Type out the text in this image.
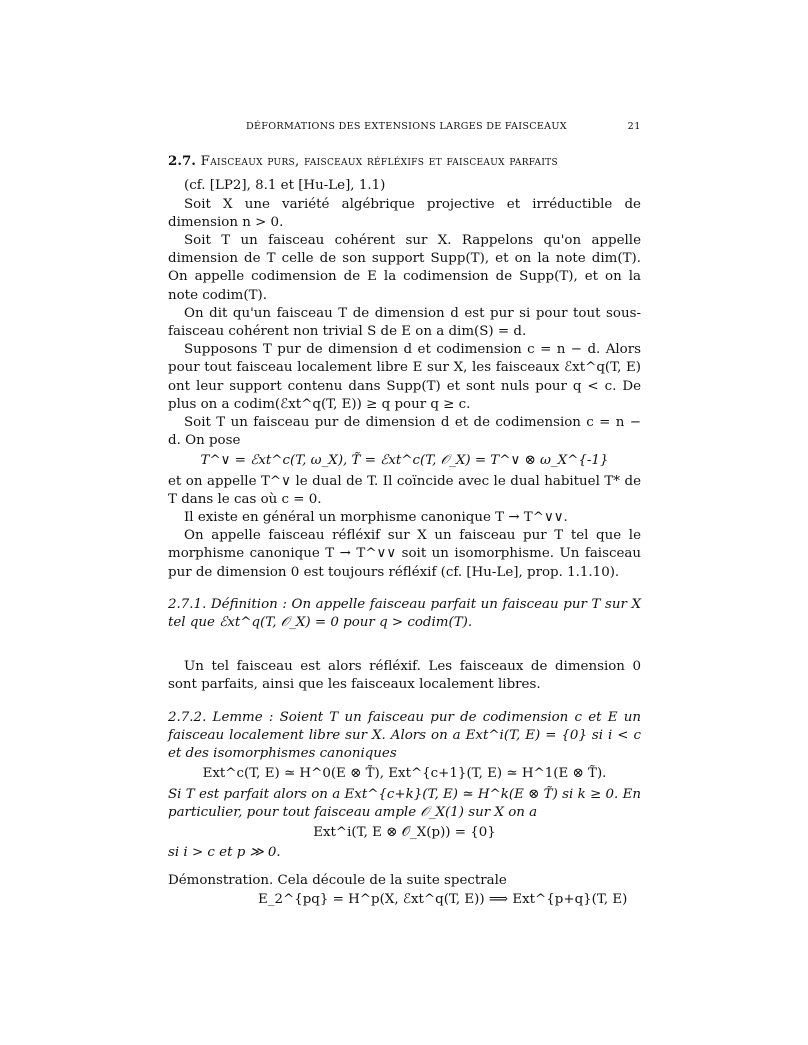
DÉFORMATIONS DES EXTENSIONS LARGES DE FAISCEAUX	21
2.7. Faisceaux purs, faisceaux réfléxifs et faisceaux parfaits

(cf. [LP2], 8.1 et [Hu-Le], 1.1)

Soit X une variété algébrique projective et irréductible de dimension n > 0.

Soit T un faisceau cohérent sur X. Rappelons qu'on appelle dimension de T celle de son support Supp(T), et on la note dim(T). On appelle codimension de E la codimension de Supp(T), et on la note codim(T).

On dit qu'un faisceau T de dimension d est pur si pour tout sous-faisceau cohérent non trivial S de E on a dim(S) = d.

Supposons T pur de dimension d et codimension c = n − d. Alors pour tout faisceau localement libre E sur X, les faisceaux ℰxt^q(T, E) ont leur support contenu dans Supp(T) et sont nuls pour q < c. De plus on a codim(ℰxt^q(T, E)) ≥ q pour q ≥ c.

Soit T un faisceau pur de dimension d et de codimension c = n − d. On pose

T^∨ = ℰxt^c(T, ω_X), T̃ = ℰxt^c(T, 𝒪_X) = T^∨ ⊗ ω_X^{-1}

et on appelle T^∨ le dual de T. Il coïncide avec le dual habituel T* de T dans le cas où c = 0.

Il existe en général un morphisme canonique T → T^∨∨.

On appelle faisceau réfléxif sur X un faisceau pur T tel que le morphisme canonique T → T^∨∨ soit un isomorphisme. Un faisceau pur de dimension 0 est toujours réfléxif (cf. [Hu-Le], prop. 1.1.10).

2.7.1. Définition : On appelle faisceau parfait un faisceau pur T sur X tel que ℰxt^q(T, 𝒪_X) = 0 pour q > codim(T).

Un tel faisceau est alors réfléxif. Les faisceaux de dimension 0 sont parfaits, ainsi que les faisceaux localement libres.

2.7.2. Lemme : Soient T un faisceau pur de codimension c et E un faisceau localement libre sur X. Alors on a Ext^i(T, E) = {0} si i < c et des isomorphismes canoniques

Ext^c(T, E) ≃ H^0(E ⊗ T̃), Ext^{c+1}(T, E) ≃ H^1(E ⊗ T̃).

Si T est parfait alors on a Ext^{c+k}(T, E) ≃ H^k(E ⊗ T̃) si k ≥ 0. En particulier, pour tout faisceau ample 𝒪_X(1) sur X on a

Ext^i(T, E ⊗ 𝒪_X(p)) = {0}

si i > c et p ≫ 0.

Démonstration. Cela découle de la suite spectrale

E_2^{pq} = H^p(X, ℰxt^q(T, E)) ⟹ Ext^{p+q}(T, E)
